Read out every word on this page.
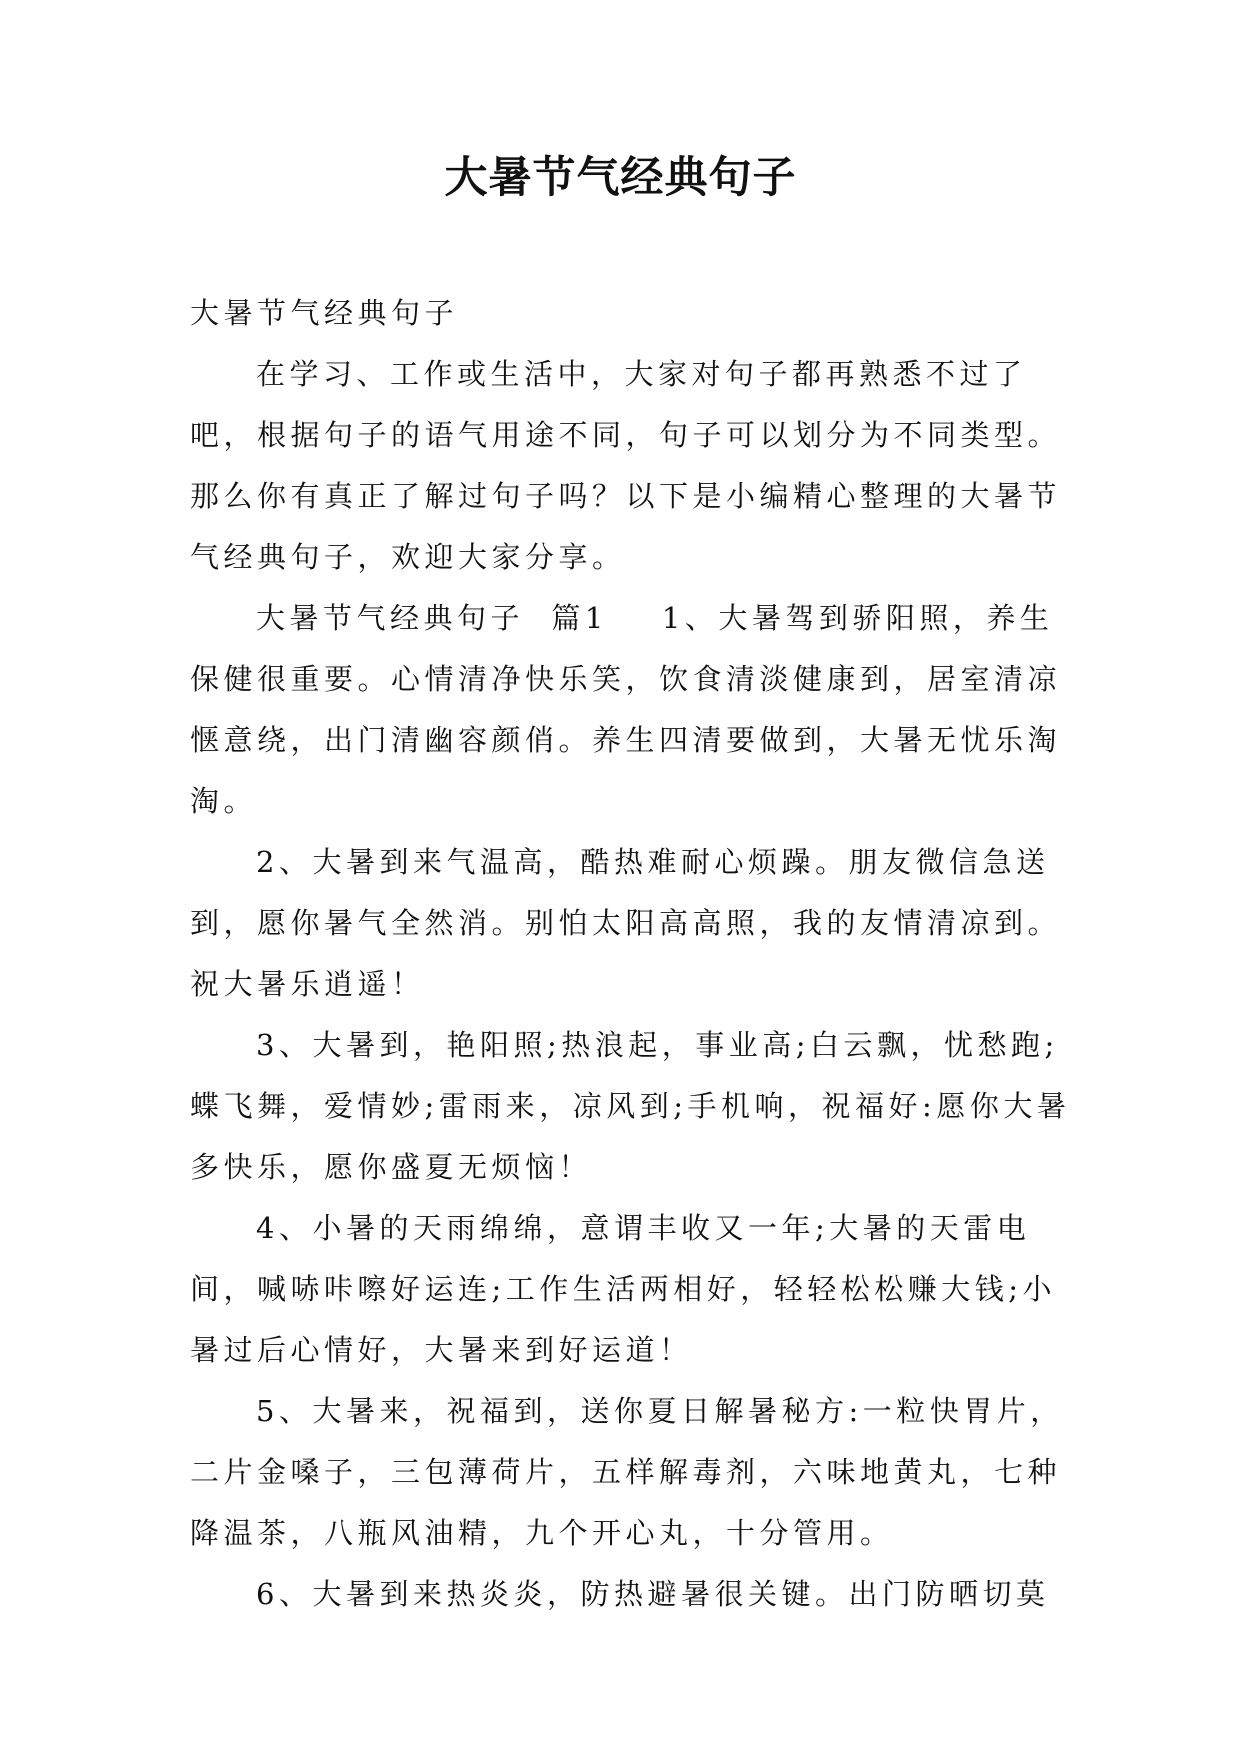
大暑节气经典句子

大暑节气经典句子

在学习、工作或生活中，大家对句子都再熟悉不过了吧，根据句子的语气用途不同，句子可以划分为不同类型。那么你有真正了解过句子吗？以下是小编精心整理的大暑节气经典句子，欢迎大家分享。

大暑节气经典句子  篇1 1、大暑驾到骄阳照，养生保健很重要。心情清净快乐笑，饮食清淡健康到，居室清凉惬意绕，出门清幽容颜俏。养生四清要做到，大暑无忧乐淘淘。

2、大暑到来气温高，酷热难耐心烦躁。朋友微信急送到，愿你暑气全然消。别怕太阳高高照，我的友情清凉到。祝大暑乐逍遥！

3、大暑到，艳阳照;热浪起，事业高;白云飘，忧愁跑;蝶飞舞，爱情妙;雷雨来，凉风到;手机响，祝福好:愿你大暑多快乐，愿你盛夏无烦恼！

4、小暑的天雨绵绵，意谓丰收又一年;大暑的天雷电间，喊哧咔嚓好运连;工作生活两相好，轻轻松松赚大钱;小暑过后心情好，大暑来到好运道！

5、大暑来，祝福到，送你夏日解暑秘方:一粒快胃片，二片金嗓子，三包薄荷片，五样解毒剂，六味地黄丸，七种降温茶，八瓶风油精，九个开心丸，十分管用。

6、大暑到来热炎炎，防热避暑很关键。出门防晒切莫
